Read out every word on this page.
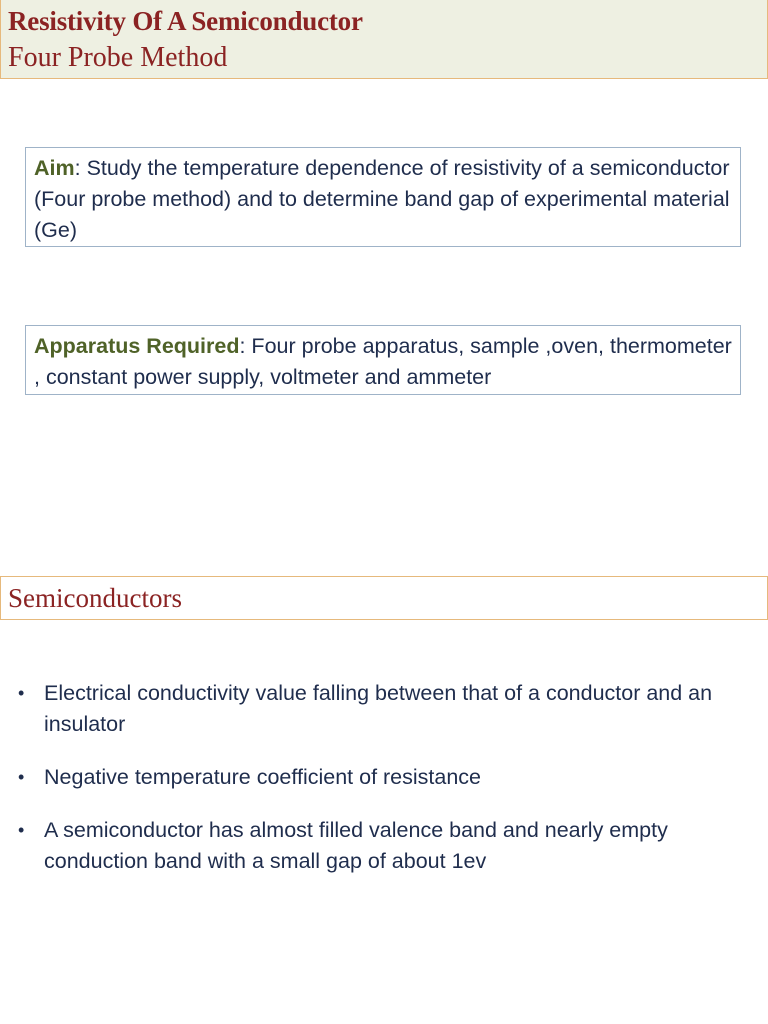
Resistivity Of A Semiconductor
Four Probe Method
Aim: Study the temperature dependence of resistivity of a semiconductor (Four probe method) and to determine band gap of experimental material (Ge)
Apparatus Required: Four probe apparatus, sample ,oven, thermometer , constant power supply, voltmeter and ammeter
Semiconductors
• Electrical conductivity value falling between that of a conductor and an insulator
• Negative temperature coefficient of resistance
• A semiconductor has almost filled valence band and nearly empty conduction band with a small gap of about 1ev
